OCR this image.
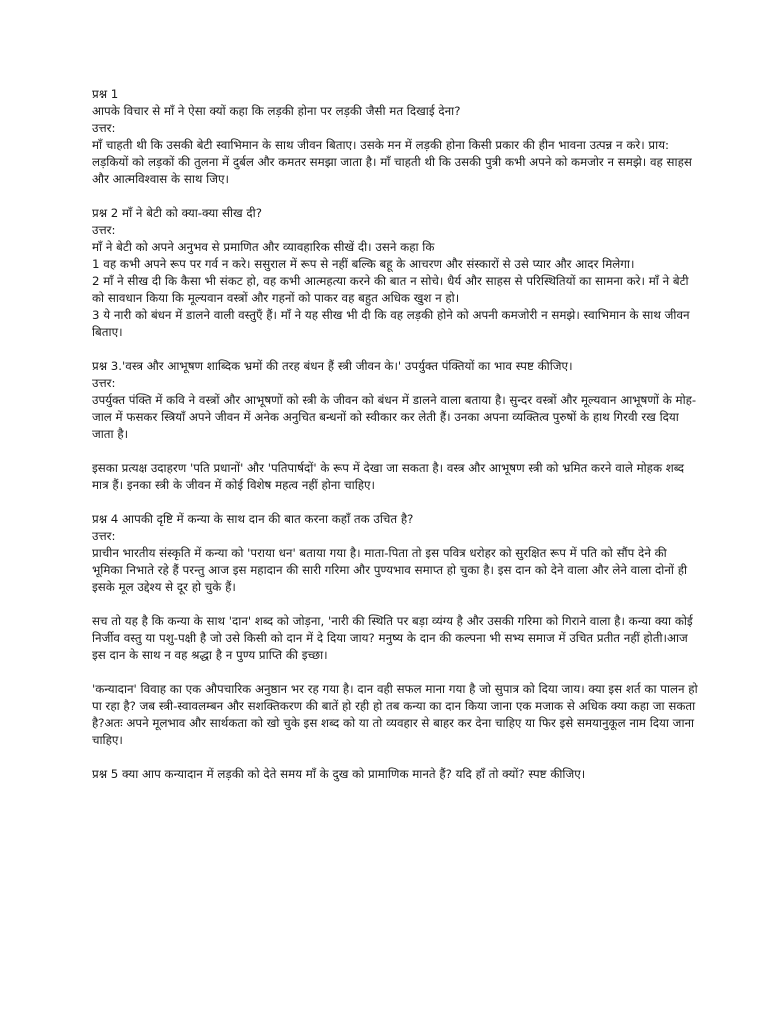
प्रश्न 1

आपके विचार से माँ ने ऐसा क्यों कहा कि लड़की होना पर लड़की जैसी मत दिखाई देना?

उत्तर:

माँ चाहती थी कि उसकी बेटी स्वाभिमान के साथ जीवन बिताए। उसके मन में लड़की होना किसी प्रकार की हीन भावना उत्पन्न न करे। प्राय: लड़कियों को लड़कों की तुलना में दुर्बल और कमतर समझा जाता है। माँ चाहती थी कि उसकी पुत्री कभी अपने को कमजोर न समझे। वह साहस और आत्मविश्वास के साथ जिए।

प्रश्न 2 माँ ने बेटी को क्या-क्या सीख दी?

उत्तर:

माँ ने बेटी को अपने अनुभव से प्रमाणित और व्यावहारिक सीखें दी। उसने कहा कि

1 वह कभी अपने रूप पर गर्व न करे। ससुराल में रूप से नहीं बल्कि बहू के आचरण और संस्कारों से उसे प्यार और आदर मिलेगा।

2 माँ ने सीख दी कि कैसा भी संकट हो, वह कभी आत्महत्या करने की बात न सोचे। धैर्य और साहस से परिस्थितियों का सामना करे। माँ ने बेटी को सावधान किया कि मूल्यवान वस्त्रों और गहनों को पाकर वह बहुत अधिक खुश न हो।

3 ये नारी को बंधन में डालने वाली वस्तुएँ हैं। माँ ने यह सीख भी दी कि वह लड़की होने को अपनी कमजोरी न समझे। स्वाभिमान के साथ जीवन बिताए।

प्रश्न 3.'वस्त्र और आभूषण शाब्दिक भ्रमों की तरह बंधन हैं स्त्री जीवन के।' उपर्युक्त पंक्तियों का भाव स्पष्ट कीजिए।

उत्तर:

उपर्युक्त पंक्ति में कवि ने वस्त्रों और आभूषणों को स्त्री के जीवन को बंधन में डालने वाला बताया है। सुन्दर वस्त्रों और मूल्यवान आभूषणों के मोह-जाल में फसकर स्त्रियाँ अपने जीवन में अनेक अनुचित बन्धनों को स्वीकार कर लेती हैं। उनका अपना व्यक्तित्व पुरुषों के हाथ गिरवी रख दिया जाता है।

इसका प्रत्यक्ष उदाहरण 'पति प्रधानों' और 'पतिपार्षदों' के रूप में देखा जा सकता है। वस्त्र और आभूषण स्त्री को भ्रमित करने वाले मोहक शब्द मात्र हैं। इनका स्त्री के जीवन में कोई विशेष महत्व नहीं होना चाहिए।

प्रश्न 4 आपकी दृष्टि में कन्या के साथ दान की बात करना कहाँ तक उचित है?

उत्तर:

प्राचीन भारतीय संस्कृति में कन्या को 'पराया धन' बताया गया है। माता-पिता तो इस पवित्र धरोहर को सुरक्षित रूप में पति को सौंप देने की भूमिका निभाते रहे हैं परन्तु आज इस महादान की सारी गरिमा और पुण्यभाव समाप्त हो चुका है। इस दान को देने वाला और लेने वाला दोनों ही इसके मूल उद्देश्य से दूर हो चुके हैं।

सच तो यह है कि कन्या के साथ 'दान' शब्द को जोड़ना, 'नारी की स्थिति पर बड़ा व्यंग्य है और उसकी गरिमा को गिराने वाला है। कन्या क्या कोई निर्जीव वस्तु या पशु-पक्षी है जो उसे किसी को दान में दे दिया जाय? मनुष्य के दान की कल्पना भी सभ्य समाज में उचित प्रतीत नहीं होती।आज इस दान के साथ न वह श्रद्धा है न पुण्य प्राप्ति की इच्छा।

'कन्यादान' विवाह का एक औपचारिक अनुष्ठान भर रह गया है। दान वही सफल माना गया है जो सुपात्र को दिया जाय। क्या इस शर्त का पालन हो पा रहा है? जब स्त्री-स्वावलम्बन और सशक्तिकरण की बातें हो रही हो तब कन्या का दान किया जाना एक मजाक से अधिक क्या कहा जा सकता है?अतः अपने मूलभाव और सार्थकता को खो चुके इस शब्द को या तो व्यवहार से बाहर कर देना चाहिए या फिर इसे समयानुकूल नाम दिया जाना चाहिए।

प्रश्न 5 क्या आप कन्यादान में लड़की को देते समय माँ के दुख को प्रामाणिक मानते हैं? यदि हाँ तो क्यों? स्पष्ट कीजिए।
